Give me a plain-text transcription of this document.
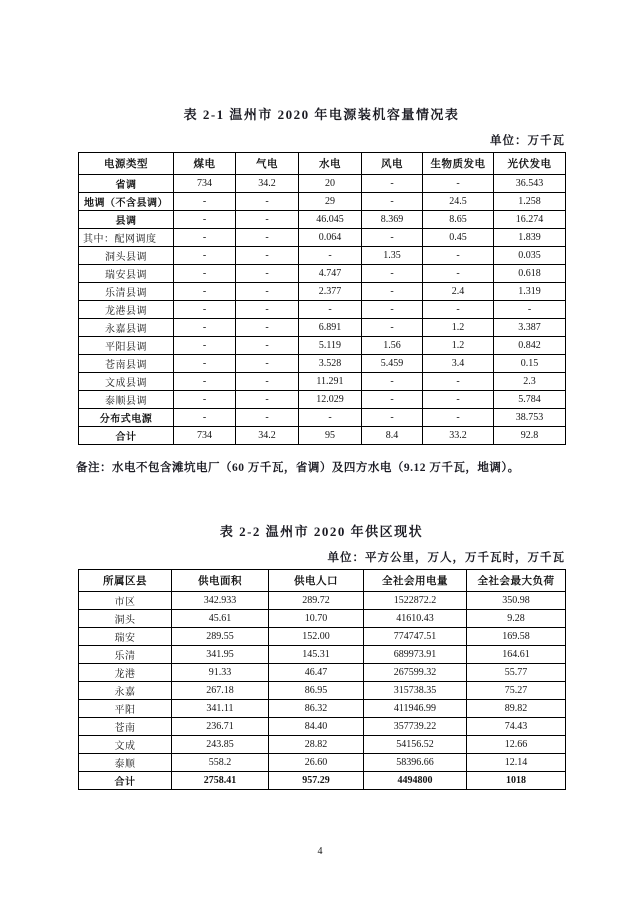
表 2-1 温州市 2020 年电源装机容量情况表
单位：万千瓦
电源类型	煤电	气电	水电	风电	生物质发电	光伏发电
省调	734	34.2	20	-	-	36.543
地调（不含县调）	-	-	29	-	24.5	1.258
县调	-	-	46.045	8.369	8.65	16.274
其中：配网调度	-	-	0.064	-	0.45	1.839
洞头县调	-	-	-	1.35	-	0.035
瑞安县调	-	-	4.747	-	-	0.618
乐清县调	-	-	2.377	-	2.4	1.319
龙港县调	-	-	-	-	-	-
永嘉县调	-	-	6.891	-	1.2	3.387
平阳县调	-	-	5.119	1.56	1.2	0.842
苍南县调	-	-	3.528	5.459	3.4	0.15
文成县调	-	-	11.291	-	-	2.3
泰顺县调	-	-	12.029	-	-	5.784
分布式电源	-	-	-	-	-	38.753
合计	734	34.2	95	8.4	33.2	92.8

备注：水电不包含滩坑电厂（60 万千瓦，省调）及四方水电（9.12 万千瓦，地调）。

表 2-2 温州市 2020 年供区现状
单位：平方公里，万人，万千瓦时，万千瓦
所属区县	供电面积	供电人口	全社会用电量	全社会最大负荷
市区	342.933	289.72	1522872.2	350.98
洞头	45.61	10.70	41610.43	9.28
瑞安	289.55	152.00	774747.51	169.58
乐清	341.95	145.31	689973.91	164.61
龙港	91.33	46.47	267599.32	55.77
永嘉	267.18	86.95	315738.35	75.27
平阳	341.11	86.32	411946.99	89.82
苍南	236.71	84.40	357739.22	74.43
文成	243.85	28.82	54156.52	12.66
泰顺	558.2	26.60	58396.66	12.14
合计	2758.41	957.29	4494800	1018
4
